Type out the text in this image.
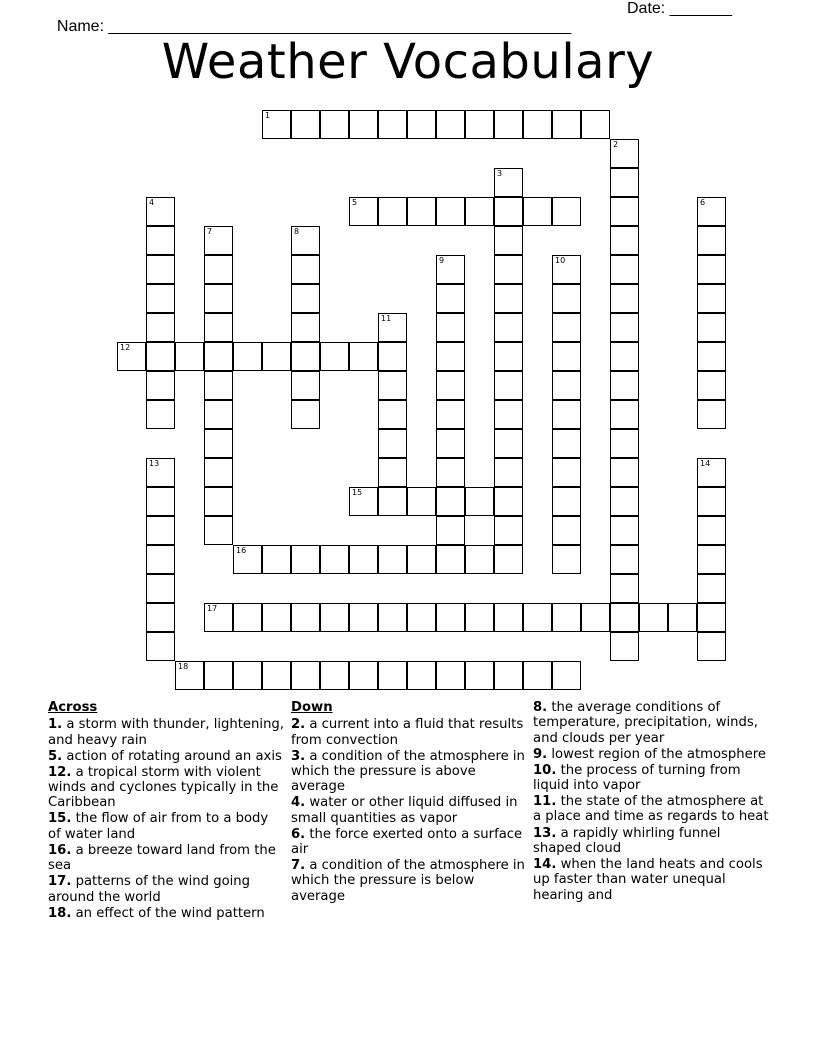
Name: ____________________________________________________

Date: _______

Weather Vocabulary
1
2
3
4	5	6
7	8
9	10
11
12
13	14
15
16
17
18
Across
1. a storm with thunder, lightening, and heavy rain
5. action of rotating around an axis
12. a tropical storm with violent winds and cyclones typically in the Caribbean
15. the flow of air from to a body of water land
16. a breeze toward land from the sea
17. patterns of the wind going around the world
18. an effect of the wind pattern
Down
2. a current into a fluid that results from convection
3. a condition of the atmosphere in which the pressure is above average
4. water or other liquid diffused in small quantities as vapor
6. the force exerted onto a surface air
7. a condition of the atmosphere in which the pressure is below average
8. the average conditions of temperature, precipitation, winds, and clouds per year
9. lowest region of the atmosphere
10. the process of turning from liquid into vapor
11. the state of the atmosphere at a place and time as regards to heat
13. a rapidly whirling funnel shaped cloud
14. when the land heats and cools up faster than water unequal hearing and
